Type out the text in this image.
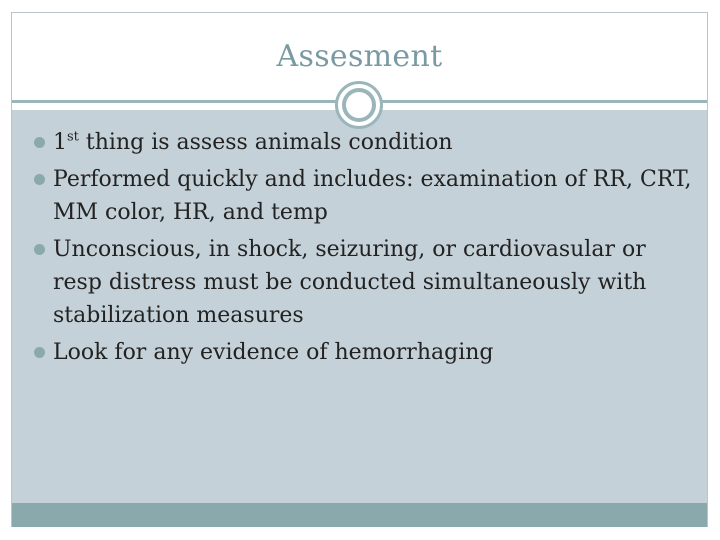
Assesment
1st thing is assess animals condition
Performed quickly and includes: examination of RR, CRT, MM color, HR, and temp
Unconscious, in shock, seizuring, or cardiovasular or resp distress must be conducted simultaneously with stabilization measures
Look for any evidence of hemorrhaging
